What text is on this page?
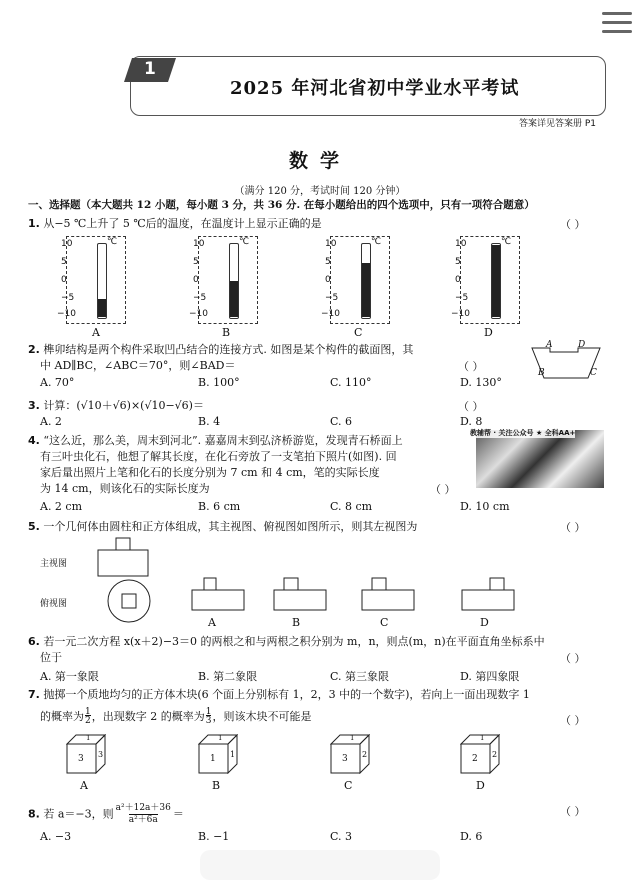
1
2025 年河北省初中学业水平考试
答案详见答案册 P1
数学
（满分 120 分，考试时间 120 分钟）
一、选择题（本大题共 12 小题，每小题 3 分，共 36 分. 在每小题给出的四个选项中，只有一项符合题意）
1. 从−5 ℃上升了 5 ℃后的温度，在温度计上显示正确的是	（ ）
℃
10
5
0
−5
−10
℃
10
5
0
−5
−10
℃
10
5
0
−5
−10
℃
10
5
0
−5
−10
A	B	C	D
2. 榫卯结构是两个构件采取凹凸结合的连接方式. 如图是某个构件的截面图，其
中 AD∥BC，∠ABC＝70°，则∠BAD＝	（ ）
A	D
B	C
A. 70°	B. 100°	C. 110°	D. 130°
3. 计算：(√10＋√6)×(√10−√6)＝	（ ）
A. 2	B. 4	C. 6	D. 8
4. “这么近，那么美，周末到河北”. 嘉嘉周末到弘济桥游览，发现青石桥面上
有三叶虫化石，他想了解其长度，在化石旁放了一支笔拍下照片(如图). 回
家后量出照片上笔和化石的长度分别为 7 cm 和 4 cm，笔的实际长度
为 14 cm，则该化石的实际长度为	（ ）
教辅帮 · 关注公众号 ★ 全科AA+
A. 2 cm	B. 6 cm	C. 8 cm	D. 10 cm
5. 一个几何体由圆柱和正方体组成，其主视图、俯视图如图所示，则其左视图为	（ ）
主视图
俯视图
A	B	C	D
6. 若一元二次方程 x(x＋2)−3＝0 的两根之和与两根之积分别为 m，n，则点(m，n)在平面直角坐标系中
位于	（ ）
A. 第一象限	B. 第二象限	C. 第三象限	D. 第四象限
7. 抛掷一个质地均匀的正方体木块(6 个面上分别标有 1，2，3 中的一个数字)，若向上一面出现数字 1
的概率为$\frac{1}{2}$，出现数字 2 的概率为$\frac{1}{3}$，则该木块不可能是	（ ）
1
3 3
1
1 1
1
3 2
1
2 2
A	B	C	D
8. 若 a＝−3，则 $\frac{\text{a²＋12a＋36}}{\text{a²＋6a}}$ ＝	（ ）
A. −3	B. −1	C. 3	D. 6
